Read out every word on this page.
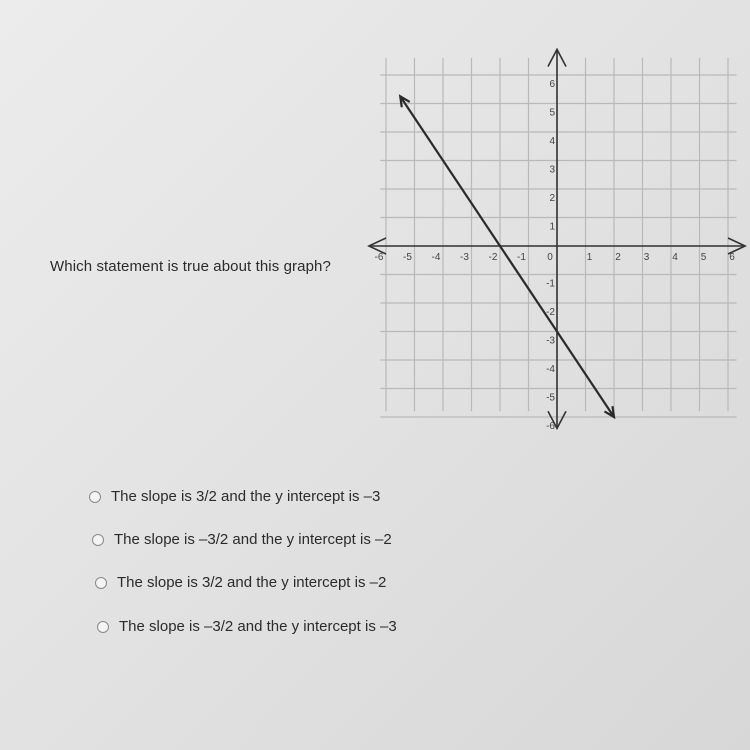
Which statement is true about this graph?
-6 -5 -4 -3 -2 -1 0	1 2 3 4 5 6
6
5
4
3
2
1
-1
-2
-3
-4
-5
-6
The slope is 3/2 and the y intercept is –3
The slope is –3/2 and the y intercept is –2
The slope is 3/2 and the y intercept is –2
The slope is –3/2 and the y intercept is –3
